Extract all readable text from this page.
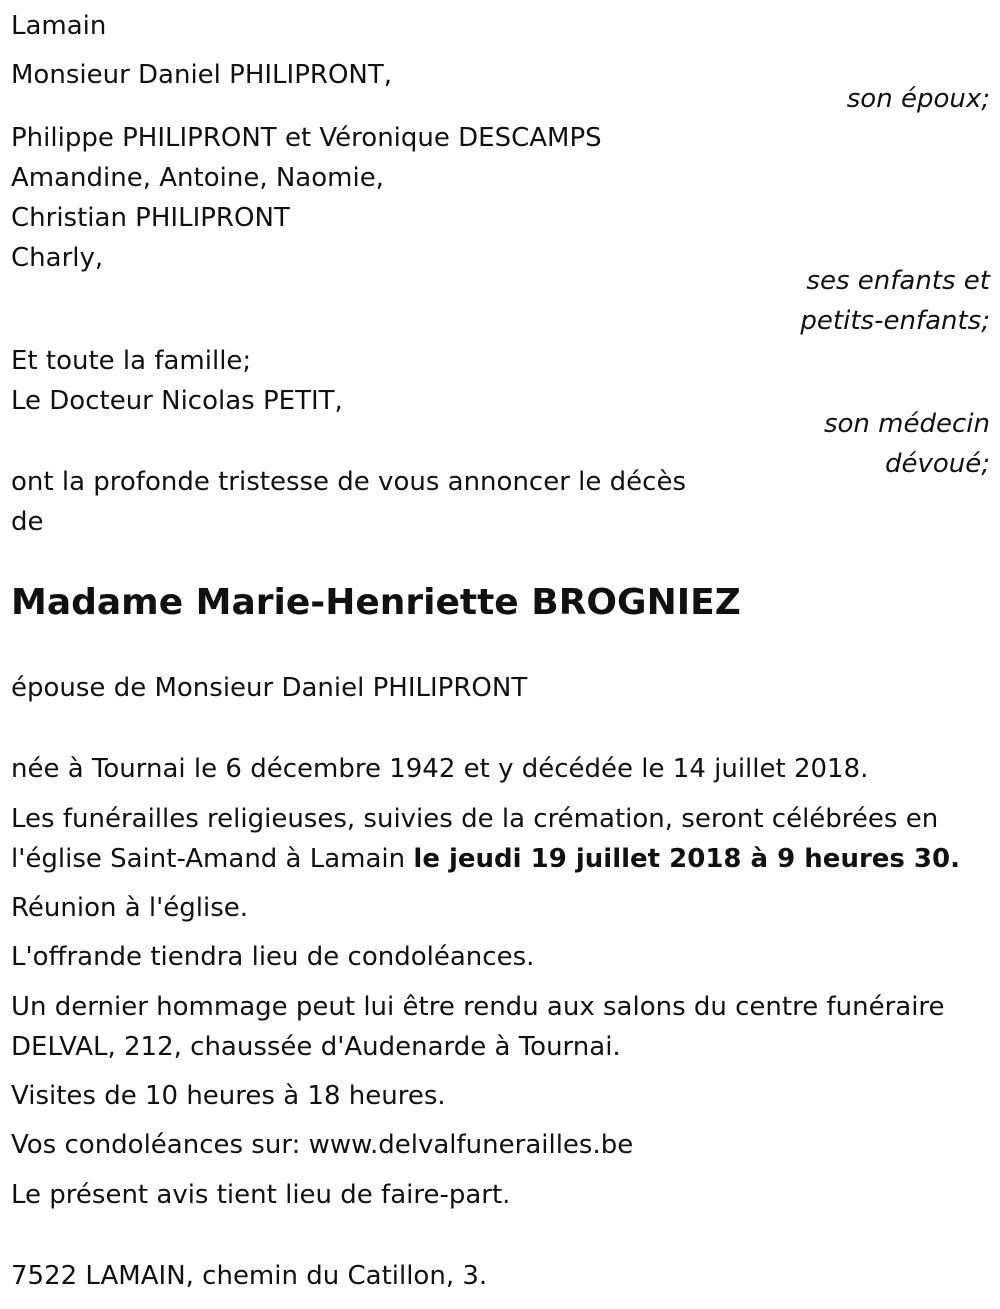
Lamain
Monsieur Daniel PHILIPRONT,
son époux;
Philippe PHILIPRONT et Véronique DESCAMPS
Amandine, Antoine, Naomie,
Christian PHILIPRONT
Charly,
ses enfants et
petits-enfants;
Et toute la famille;
Le Docteur Nicolas PETIT,
son médecin
dévoué;
ont la profonde tristesse de vous annoncer le décès
de
Madame Marie-Henriette BROGNIEZ
épouse de Monsieur Daniel PHILIPRONT
née à Tournai le 6 décembre 1942 et y décédée le 14 juillet 2018.
Les funérailles religieuses, suivies de la crémation, seront célébrées en
l'église Saint-Amand à Lamain le jeudi 19 juillet 2018 à 9 heures 30.
Réunion à l'église.
L'offrande tiendra lieu de condoléances.
Un dernier hommage peut lui être rendu aux salons du centre funéraire
DELVAL, 212, chaussée d'Audenarde à Tournai.
Visites de 10 heures à 18 heures.
Vos condoléances sur: www.delvalfunerailles.be
Le présent avis tient lieu de faire-part.
7522 LAMAIN, chemin du Catillon, 3.
